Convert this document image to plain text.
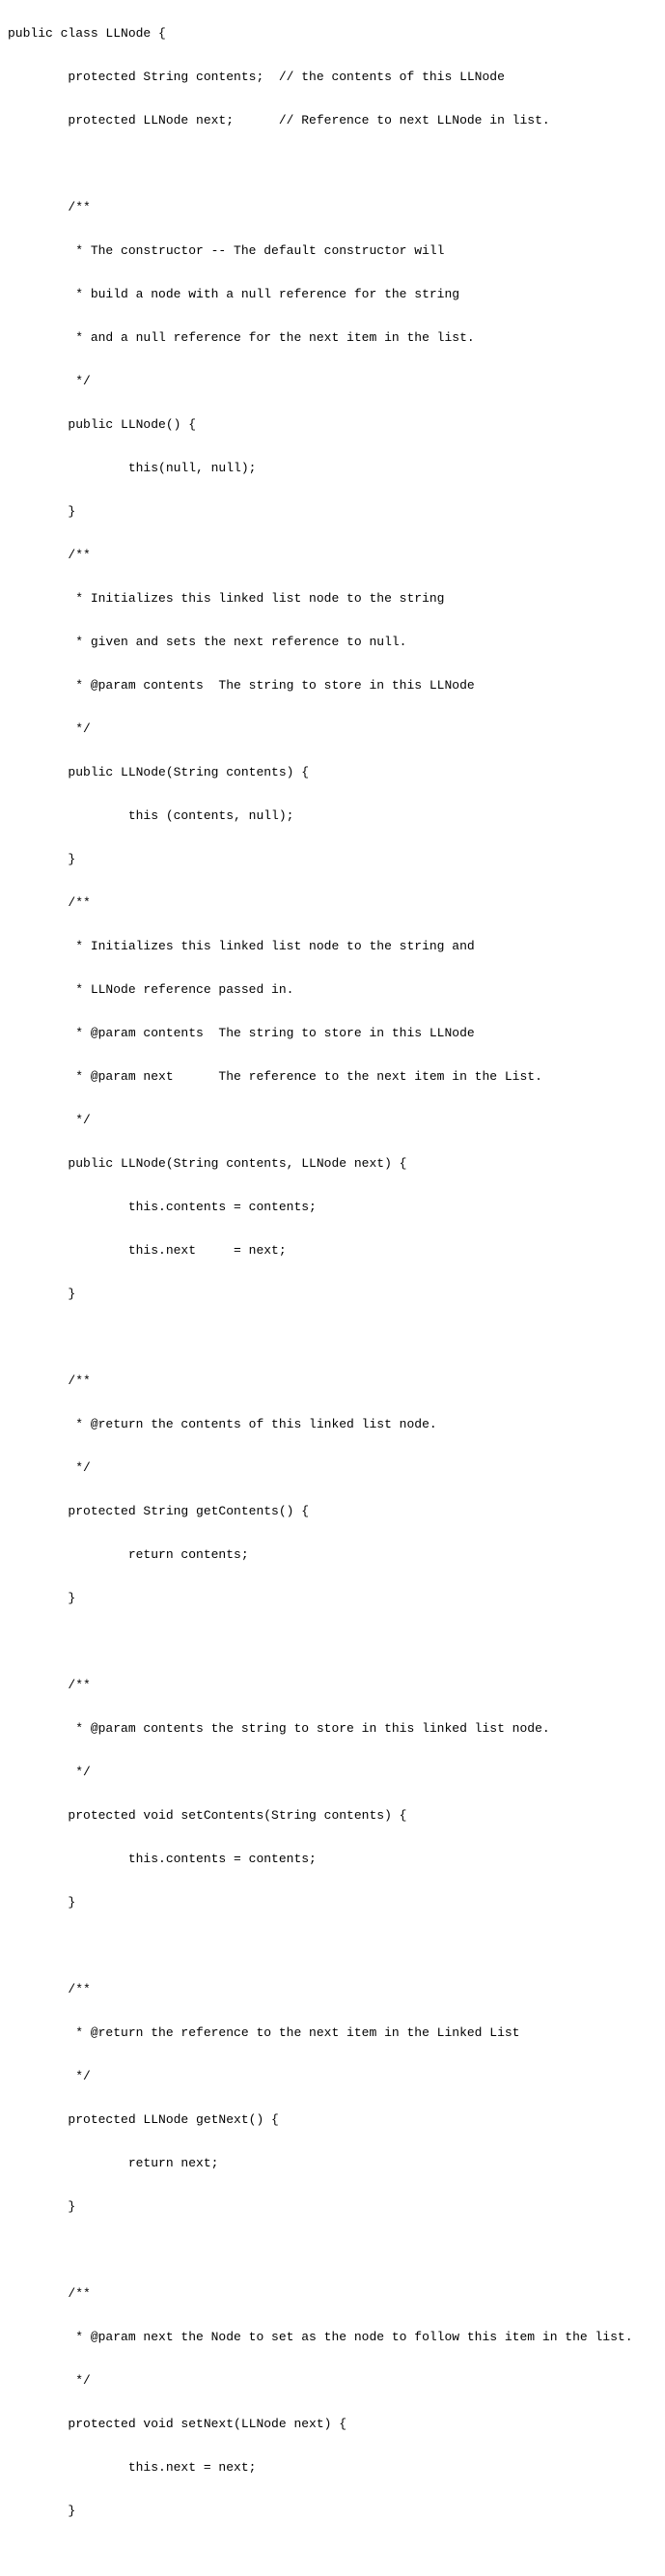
public class LLNode {

protected String contents;  // the contents of this LLNode

protected LLNode next;      // Reference to next LLNode in list.

/**

* The constructor -- The default constructor will

* build a node with a null reference for the string

* and a null reference for the next item in the list.

*/

public LLNode() {

this(null, null);

}

/**

* Initializes this linked list node to the string

* given and sets the next reference to null.

* @param contents  The string to store in this LLNode

*/

public LLNode(String contents) {

this (contents, null);

}

/**

* Initializes this linked list node to the string and

* LLNode reference passed in.

* @param contents  The string to store in this LLNode

* @param next      The reference to the next item in the List.

*/

public LLNode(String contents, LLNode next) {

this.contents = contents;

this.next     = next;

}

/**

* @return the contents of this linked list node.

*/

protected String getContents() {

return contents;

}

/**

* @param contents the string to store in this linked list node.

*/

protected void setContents(String contents) {

this.contents = contents;

}

/**

* @return the reference to the next item in the Linked List

*/

protected LLNode getNext() {

return next;

}

/**

* @param next the Node to set as the node to follow this item in the list.

*/

protected void setNext(LLNode next) {

this.next = next;

}
